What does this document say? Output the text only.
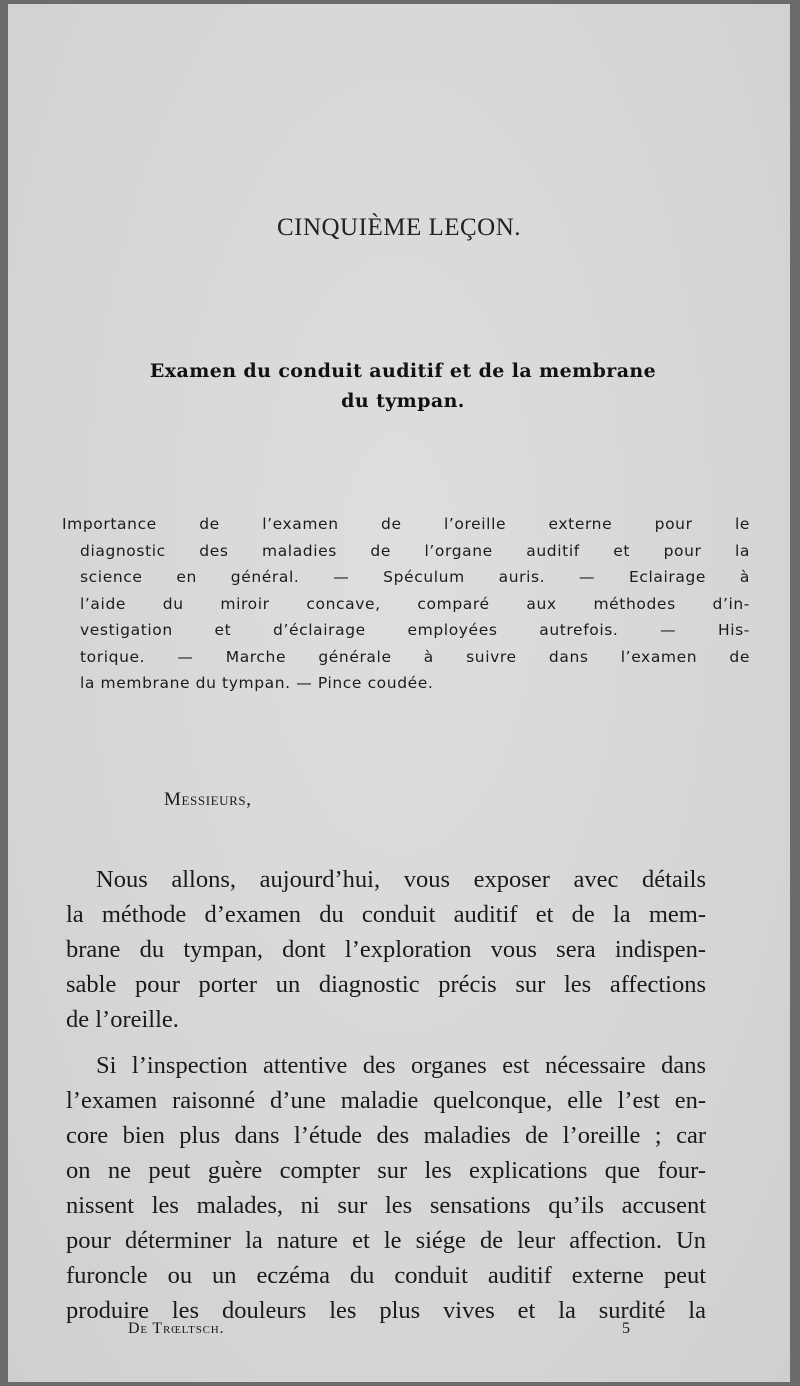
CINQUIÈME LEÇON.
Examen du conduit auditif et de la membrane
du tympan.
Importance de l’examen de l’oreille externe pour le
diagnostic des maladies de l’organe auditif et pour la
science en général. — Spéculum auris. — Eclairage à
l’aide du miroir concave, comparé aux méthodes d’in-
vestigation et d’éclairage employées autrefois. — His-
torique. — Marche générale à suivre dans l’examen de
la membrane du tympan. — Pince coudée.
Messieurs,
Nous allons, aujourd’hui, vous exposer avec détails
la méthode d’examen du conduit auditif et de la mem-
brane du tympan, dont l’exploration vous sera indispen-
sable pour porter un diagnostic précis sur les affections
de l’oreille.
Si l’inspection attentive des organes est nécessaire dans
l’examen raisonné d’une maladie quelconque, elle l’est en-
core bien plus dans l’étude des maladies de l’oreille ; car
on ne peut guère compter sur les explications que four-
nissent les malades, ni sur les sensations qu’ils accusent
pour déterminer la nature et le siége de leur affection. Un
furoncle ou un eczéma du conduit auditif externe peut
produire les douleurs les plus vives et la surdité la
De Trœltsch.	5
